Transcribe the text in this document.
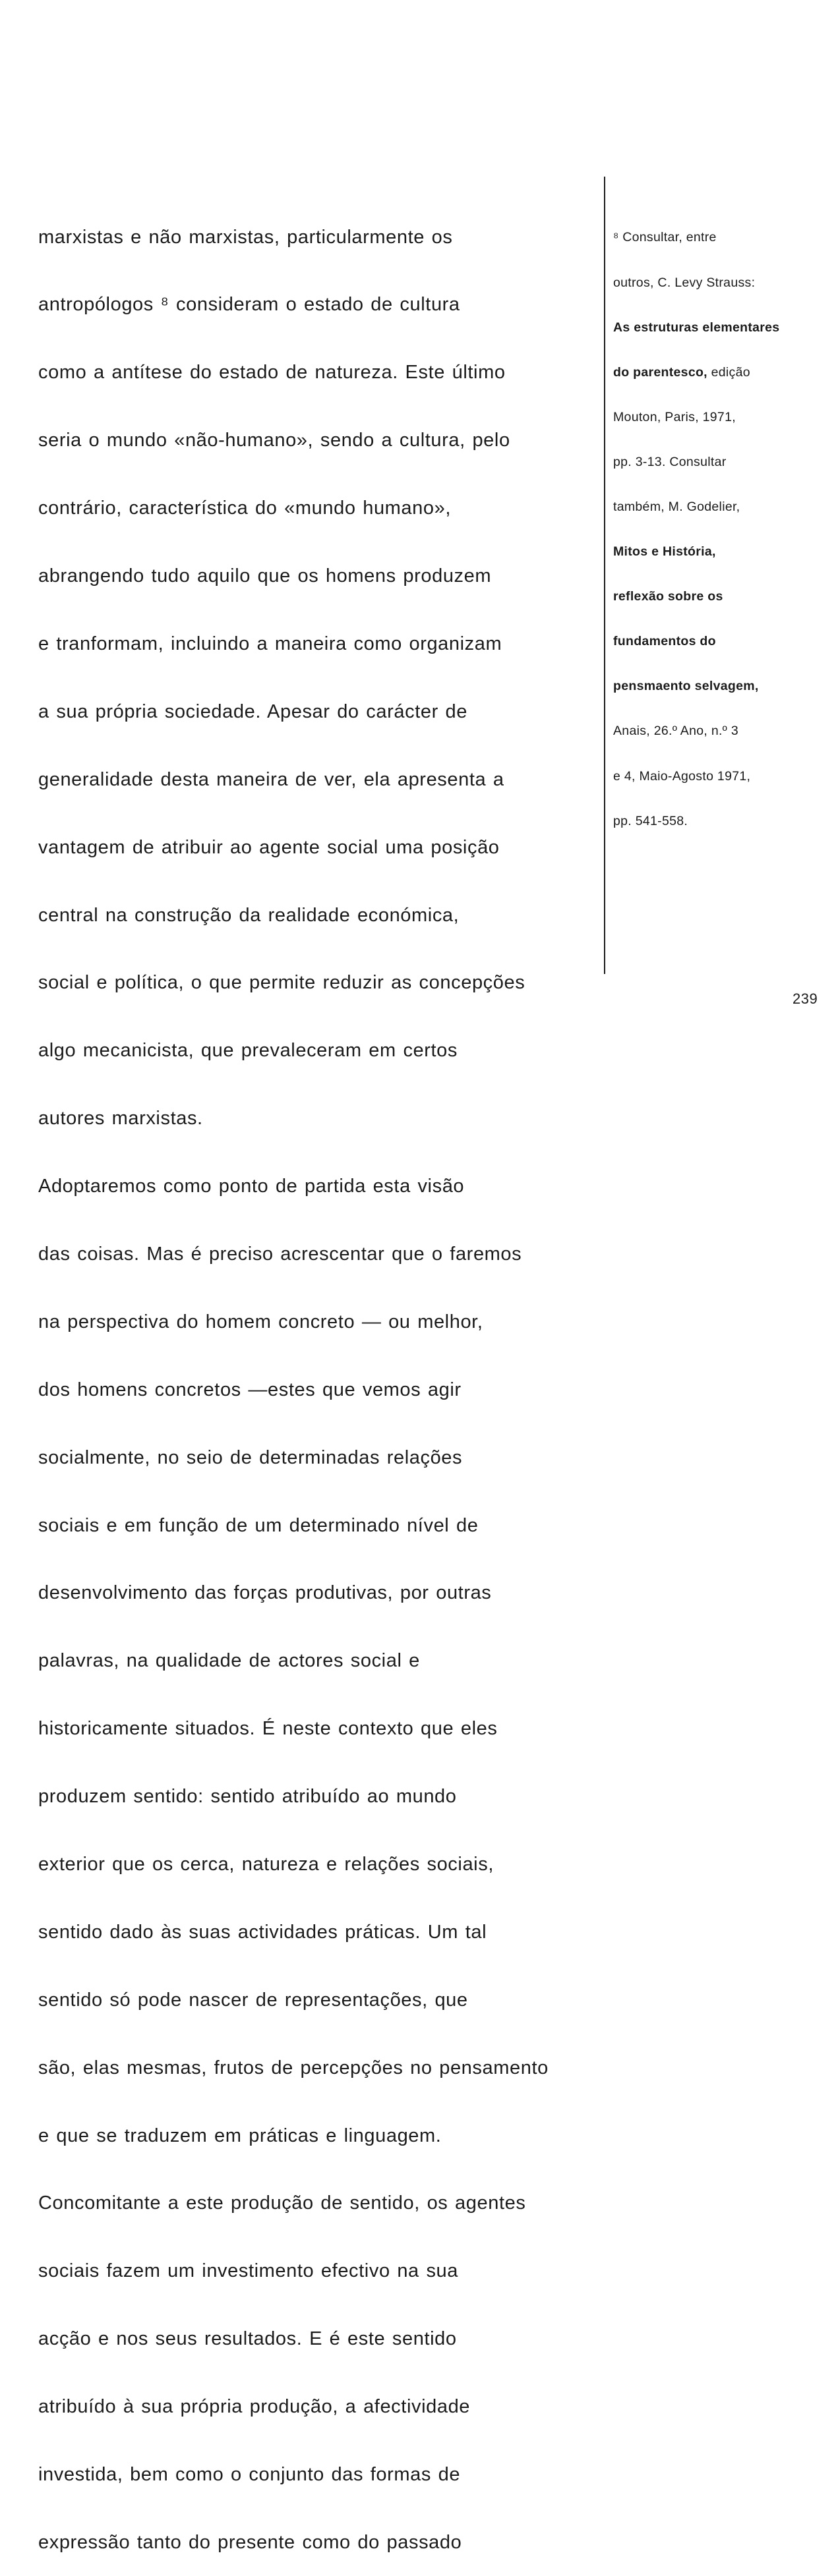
marxistas e não marxistas, particularmente os

antropólogos ⁸ consideram o estado de cultura

como a antítese do estado de natureza. Este último

seria o mundo «não-humano», sendo a cultura, pelo

contrário, característica do «mundo humano»,

abrangendo tudo aquilo que os homens produzem

e tranformam, incluindo a maneira como organizam

a sua própria sociedade. Apesar do carácter de

generalidade desta maneira de ver, ela apresenta a

vantagem de atribuir ao agente social uma posição

central na construção da realidade económica,

social e política, o que permite reduzir as concepções

algo mecanicista, que prevaleceram em certos

autores marxistas.

Adoptaremos como ponto de partida esta visão

das coisas. Mas é preciso acrescentar que o faremos

na perspectiva do homem concreto — ou melhor,

dos homens concretos —estes que vemos agir

socialmente, no seio de determinadas relações

sociais e em função de um determinado nível de

desenvolvimento das forças produtivas, por outras

palavras, na qualidade de actores social e

historicamente situados. É neste contexto que eles

produzem sentido: sentido atribuído ao mundo

exterior que os cerca, natureza e relações sociais,

sentido dado às suas actividades práticas. Um tal

sentido só pode nascer de representações, que

são, elas mesmas, frutos de percepções no pensamento

e que se traduzem em práticas e linguagem.

Concomitante a este produção de sentido, os agentes

sociais fazem um investimento efectivo na sua

acção e nos seus resultados. E é este sentido

atribuído à sua própria produção, a afectividade

investida, bem como o conjunto das formas de

expressão tanto do presente como do passado

⁸ Consultar, entre

outros, C. Levy Strauss:

As estruturas elementares

do parentesco, edição

Mouton, Paris, 1971,

pp. 3-13. Consultar

também, M. Godelier,

Mitos e História,

reflexão sobre os

fundamentos do

pensmaento selvagem,

Anais, 26.º Ano, n.º 3

e 4, Maio-Agosto 1971,

pp. 541-558.

239
